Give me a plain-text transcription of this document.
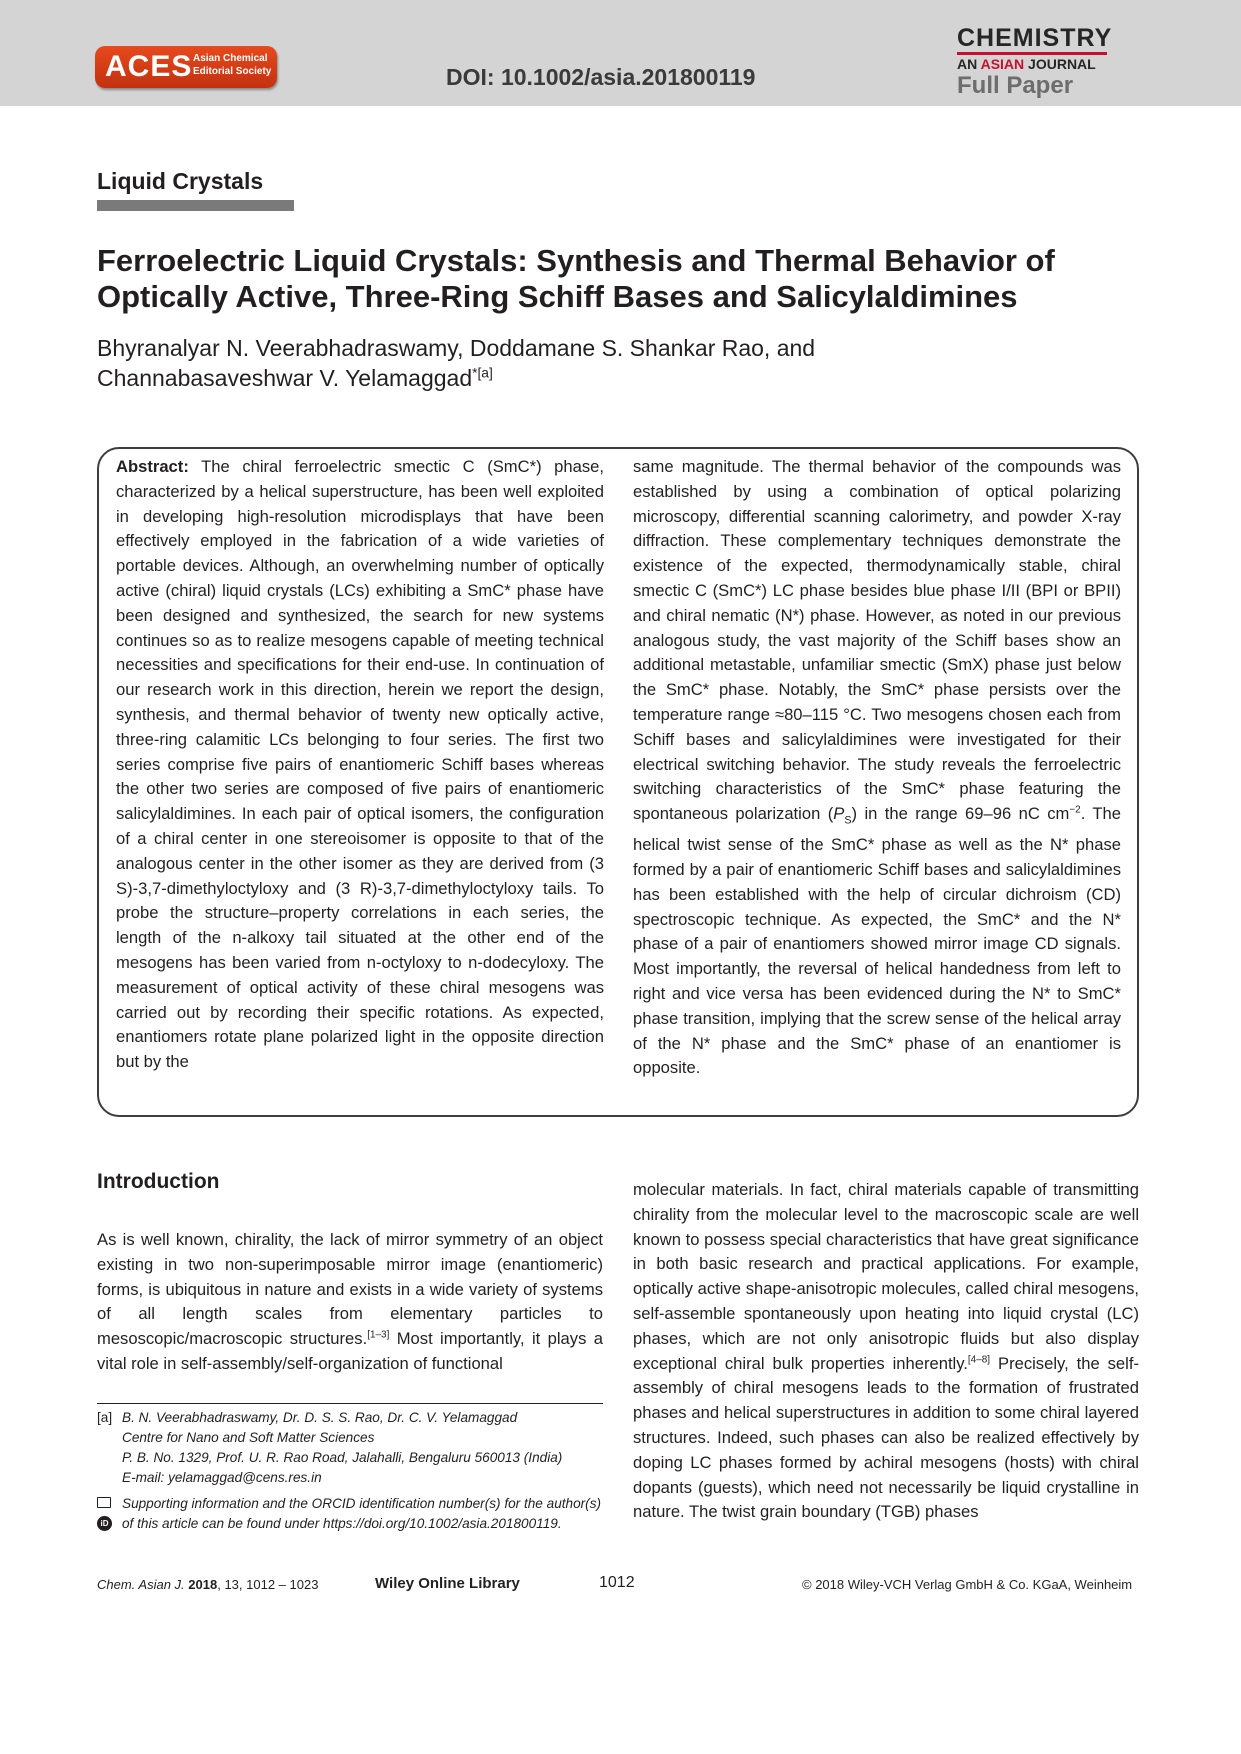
ACES Asian Chemical
Editorial Society	DOI: 10.1002/asia.201800119
CHEMISTRY
AN ASIAN JOURNAL
Full Paper
Liquid Crystals
Ferroelectric Liquid Crystals: Synthesis and Thermal Behavior of Optically Active, Three-Ring Schiff Bases and Salicylaldimines
Bhyranalyar N. Veerabhadraswamy, Doddamane S. Shankar Rao, and
Channabasaveshwar V. Yelamaggad$^{*[a]}$

Abstract: The chiral ferroelectric smectic C (SmC*) phase, characterized by a helical superstructure, has been well exploited in developing high-resolution microdisplays that have been effectively employed in the fabrication of a wide varieties of portable devices. Although, an overwhelming number of optically active (chiral) liquid crystals (LCs) exhibiting a SmC* phase have been designed and synthesized, the search for new systems continues so as to realize mesogens capable of meeting technical necessities and specifications for their end-use. In continuation of our research work in this direction, herein we report the design, synthesis, and thermal behavior of twenty new optically active, three-ring calamitic LCs belonging to four series. The first two series comprise five pairs of enantiomeric Schiff bases whereas the other two series are composed of five pairs of enantiomeric salicylaldimines. In each pair of optical isomers, the configuration of a chiral center in one stereoisomer is opposite to that of the analogous center in the other isomer as they are derived from (3 S)-3,7-dimethyloctyloxy and (3 R)-3,7-dimethyloctyloxy tails. To probe the structure–property correlations in each series, the length of the n-alkoxy tail situated at the other end of the mesogens has been varied from n-octyloxy to n-dodecyloxy. The measurement of optical activity of these chiral mesogens was carried out by recording their specific rotations. As expected, enantiomers rotate plane polarized light in the opposite direction but by the

same magnitude. The thermal behavior of the compounds was established by using a combination of optical polarizing microscopy, differential scanning calorimetry, and powder X-ray diffraction. These complementary techniques demonstrate the existence of the expected, thermodynamically stable, chiral smectic C (SmC*) LC phase besides blue phase I/II (BPI or BPII) and chiral nematic (N*) phase. However, as noted in our previous analogous study, the vast majority of the Schiff bases show an additional metastable, unfamiliar smectic (SmX) phase just below the SmC* phase. Notably, the SmC* phase persists over the temperature range ≈80–115 °C. Two mesogens chosen each from Schiff bases and salicylaldimines were investigated for their electrical switching behavior. The study reveals the ferroelectric switching characteristics of the SmC* phase featuring the spontaneous polarization $(P_S)$ in the range 69–96 nC $cm^{-2}$. The helical twist sense of the SmC* phase as well as the N* phase formed by a pair of enantiomeric Schiff bases and salicylaldimines has been established with the help of circular dichroism (CD) spectroscopic technique. As expected, the SmC* and the N* phase of a pair of enantiomers showed mirror image CD signals. Most importantly, the reversal of helical handedness from left to right and vice versa has been evidenced during the N* to SmC* phase transition, implying that the screw sense of the helical array of the N* phase and the SmC* phase of an enantiomer is opposite.

Introduction

As is well known, chirality, the lack of mirror symmetry of an object existing in two non-superimposable mirror image (enantiomeric) forms, is ubiquitous in nature and exists in a wide variety of systems of all length scales from elementary particles to mesoscopic/macroscopic structures.[1–3] Most importantly, it plays a vital role in self-assembly/self-organization of functional

molecular materials. In fact, chiral materials capable of transmitting chirality from the molecular level to the macroscopic scale are well known to possess special characteristics that have great significance in both basic research and practical applications. For example, optically active shape-anisotropic molecules, called chiral mesogens, self-assemble spontaneously upon heating into liquid crystal (LC) phases, which are not only anisotropic fluids but also display exceptional chiral bulk properties inherently.[4–8] Precisely, the self-assembly of chiral mesogens leads to the formation of frustrated phases and helical superstructures in addition to some chiral layered structures. Indeed, such phases can also be realized effectively by doping LC phases formed by achiral mesogens (hosts) with chiral dopants (guests), which need not necessarily be liquid crystalline in nature. The twist grain boundary (TGB) phases

[a] B. N. Veerabhadraswamy, Dr. D. S. S. Rao, Dr. C. V. Yelamaggad
Centre for Nano and Soft Matter Sciences
P. B. No. 1329, Prof. U. R. Rao Road, Jalahalli, Bengaluru 560013 (India)
E-mail: yelamaggad@cens.res.in
iD
Supporting information and the ORCID identification number(s) for the author(s) of this article can be found under https://doi.org/10.1002/asia.201800119.
Chem. Asian J. 2018, 13, 1012 – 1023	Wiley Online Library	1012	© 2018 Wiley-VCH Verlag GmbH & Co. KGaA, Weinheim
